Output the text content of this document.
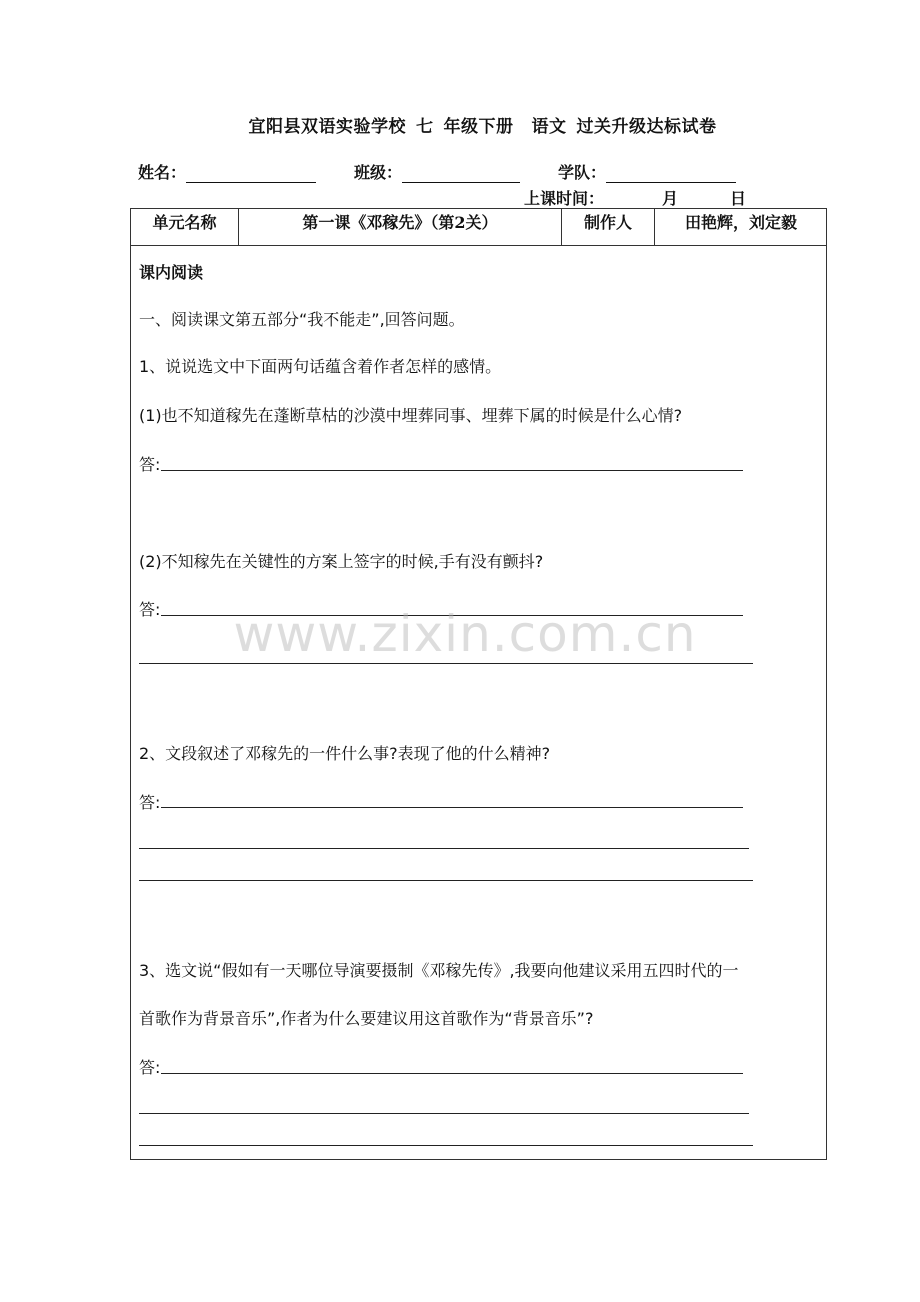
宜阳县双语实验学校 七 年级下册 语文 过关升级达标试卷
姓名：	班级：	学队：
上课时间：	月	日
单元名称	第一课《邓稼先》（第2关）	制作人	田艳辉，刘定毅
课内阅读
一、阅读课文第五部分“我不能走”,回答问题。
1、说说选文中下面两句话蕴含着作者怎样的感情。
(1)也不知道稼先在蓬断草枯的沙漠中埋葬同事、埋葬下属的时候是什么心情?
答:
(2)不知稼先在关键性的方案上签字的时候,手有没有颤抖?
答:
2、文段叙述了邓稼先的一件什么事?表现了他的什么精神?
答:
3、选文说“假如有一天哪位导演要摄制《邓稼先传》,我要向他建议采用五四时代的一
首歌作为背景音乐”,作者为什么要建议用这首歌作为“背景音乐”?
答:
www.zixin.com.cn
